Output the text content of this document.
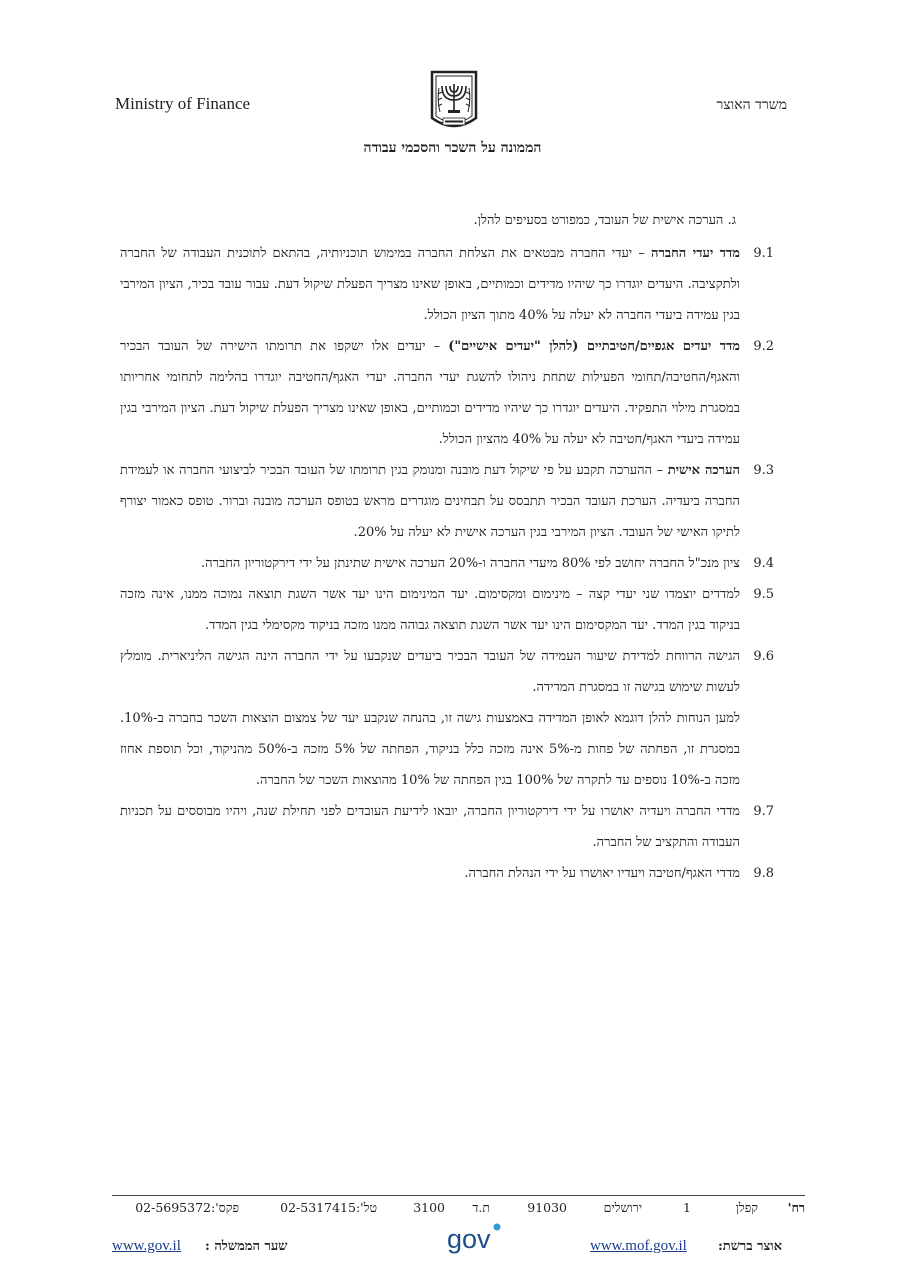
Ministry of Finance	משרד האוצר
הממונה על השכר והסכמי עבודה
ג. הערכה אישית של העובד, כמפורט בסעיפים להלן.
9.1
מדד יעדי החברה – יעדי החברה מבטאים את הצלחת החברה במימוש תוכניותיה, בהתאם לתוכנית העבודה של החברה ולתקציבה. היעדים יוגדרו כך שיהיו מדידים וכמותיים, באופן שאינו מצריך הפעלת שיקול דעת. עבור עובד בכיר, הציון המירבי בגין עמידה ביעדי החברה לא יעלה על 40% מתוך הציון הכולל.
9.2
מדד יעדים אגפיים/חטיבתיים (להלן "יעדים אישיים") – יעדים אלו ישקפו את תרומתו הישירה של העובד הבכיר והאגף/החטיבה/תחומי הפעילות שתחת ניהולו להשגת יעדי החברה. יעדי האגף/החטיבה יוגדרו בהלימה לתחומי אחריותו במסגרת מילוי התפקיד. היעדים יוגדרו כך שיהיו מדידים וכמותיים, באופן שאינו מצריך הפעלת שיקול דעת. הציון המירבי בגין עמידה ביעדי האגף/חטיבה לא יעלה על 40% מהציון הכולל.
9.3
הערכה אישית – ההערכה תקבע על פי שיקול דעת מובנה ומנומק בגין תרומתו של העובד הבכיר לביצועי החברה או לעמידת החברה ביעדיה. הערכת העובד הבכיר תתבסס על תבחינים מוגדרים מראש בטופס הערכה מובנה וברור. טופס כאמור יצורף לתיקו האישי של העובד. הציון המירבי בגין הערכה אישית לא יעלה על 20%.
9.4
ציון מנכ"ל החברה יחושב לפי 80% מיעדי החברה ו-20% הערכה אישית שתינתן על ידי דירקטוריון החברה.
9.5
למדדים יוצמדו שני יעדי קצה – מינימום ומקסימום. יעד המינימום הינו יעד אשר השגת תוצאה נמוכה ממנו, אינה מזכה בניקוד בגין המדד. יעד המקסימום הינו יעד אשר השגת תוצאה גבוהה ממנו מזכה בניקוד מקסימלי בגין המדד.
9.6
הגישה הרווחת למדידת שיעור העמידה של העובד הבכיר ביעדים שנקבעו על ידי החברה הינה הגישה הליניארית. מומלץ לעשות שימוש בגישה זו במסגרת המדידה.
למען הנוחות להלן דוגמא לאופן המדידה באמצעות גישה זו, בהנחה שנקבע יעד של צמצום הוצאות השכר בחברה ב-10%. במסגרת זו, הפחתה של פחות מ-5% אינה מזכה כלל בניקוד, הפחתה של 5% מזכה ב-50% מהניקוד, וכל תוספת אחוז מזכה ב-10% נוספים עד לתקרה של 100% בגין הפחתה של 10% מהוצאות השכר של החברה.
9.7
מדדי החברה ויעדיה יאושרו על ידי דירקטוריון החברה, יובאו לידיעת העובדים לפני תחילת שנה, ויהיו מבוססים על תכניות העבודה והתקציב של החברה.
9.8
מדדי האגף/חטיבה ויעדיו יאושרו על ידי הנהלת החברה.
רח'
קפלן
1
ירושלים
91030
ת.ד
3100
טל':02-5317415
פקס':02-5695372
www.gov.il שער הממשלה :	www.mof.gov.il אוצר ברשת:
gov
